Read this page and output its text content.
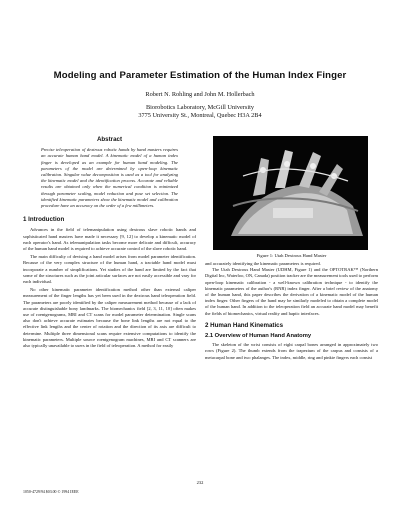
Modeling and Parameter Estimation of the Human Index Finger
Robert N. Rohling and John M. Hollerbach
Biorobotics Laboratory, McGill University
3775 University St., Montreal, Quebec H3A 2B4
Abstract

Precise teleoperation of dextrous robotic hands by hand masters requires an accurate human hand model. A kinematic model of a human index finger is developed as an example for human hand modeling. The parameters of the model are determined by open-loop kinematic calibration. Singular value decomposition is used as a tool for analyzing the kinematic model and the identification process. Accurate and reliable results are obtained only when the numerical condition is minimized through parameter scaling, model reduction and pose set selection. The identified kinematic parameters show the kinematic model and calibration procedure have an accuracy on the order of a few millimeters.

1 Introduction

Advances in the field of telemanipulation using dextrous slave robotic hands and sophisticated hand masters have made it necessary [9, 12] to develop a kinematic model of each operator's hand. As telemanipulation tasks become more delicate and difficult, accuracy of the human hand model is required to achieve accurate control of the slave robotic hand.

The main difficulty of devising a hand model arises from model parameter identification. Because of the very complex structure of the human hand, a tractable hand model must incorporate a number of simplifications. Yet studies of the hand are limited by the fact that some of the structures such as the joint articular surfaces are not easily accessible and vary for each individual.

No other kinematic parameter identification method other than external caliper measurement of the finger lengths has yet been used in the dextrous hand teleoperation field. The parameters are poorly identified by the caliper measurement method because of a lack of accurate distinguishable bony landmarks. The biomechanics field [2, 3, 11, 10] often makes use of roentgenograms, MRI and CT scans for model parameter determination. Single scans also don't achieve accurate estimates because the bone link lengths are not equal to the effective link lengths and the center of rotation and the direction of its axis are difficult to determine. Multiple three dimensional scans require extensive computations to identify the kinematic parameters. Multiple source roentgenogram machines, MRI and CT scanners are also typically unavailable to users in the field of teleoperation. A method for easily

Figure 1: Utah Dextrous Hand Master

and accurately identifying the kinematic parameters is required.

The Utah Dextrous Hand Master (UDHM, Figure 1) and the OPTOTRAK™ (Northern Digital Inc, Waterloo, ON, Canada) position tracker are the measurement tools used to perform open-loop kinematic calibration - a well-known calibration technique - to identify the kinematic parameters of the author's (RNR) index finger. After a brief review of the anatomy of the human hand, this paper describes the derivation of a kinematic model of the human index finger. Other fingers of the hand may be similarly modeled to obtain a complete model of the human hand. In addition to the teleoperation field an accurate hand model may benefit the fields of biomechanics, virtual reality and haptic interfaces.

2 Human Hand Kinematics
2.1 Overview of Human Hand Anatomy

The skeleton of the wrist consists of eight carpal bones arranged in approximately two rows (Figure 2). The thumb extends from the trapezium of the carpus and consists of a metacarpal bone and two phalanges. The index, middle, ring and pinkie fingers each consist

232
1050-4729/94 $03.00 © 1994 IEEE
